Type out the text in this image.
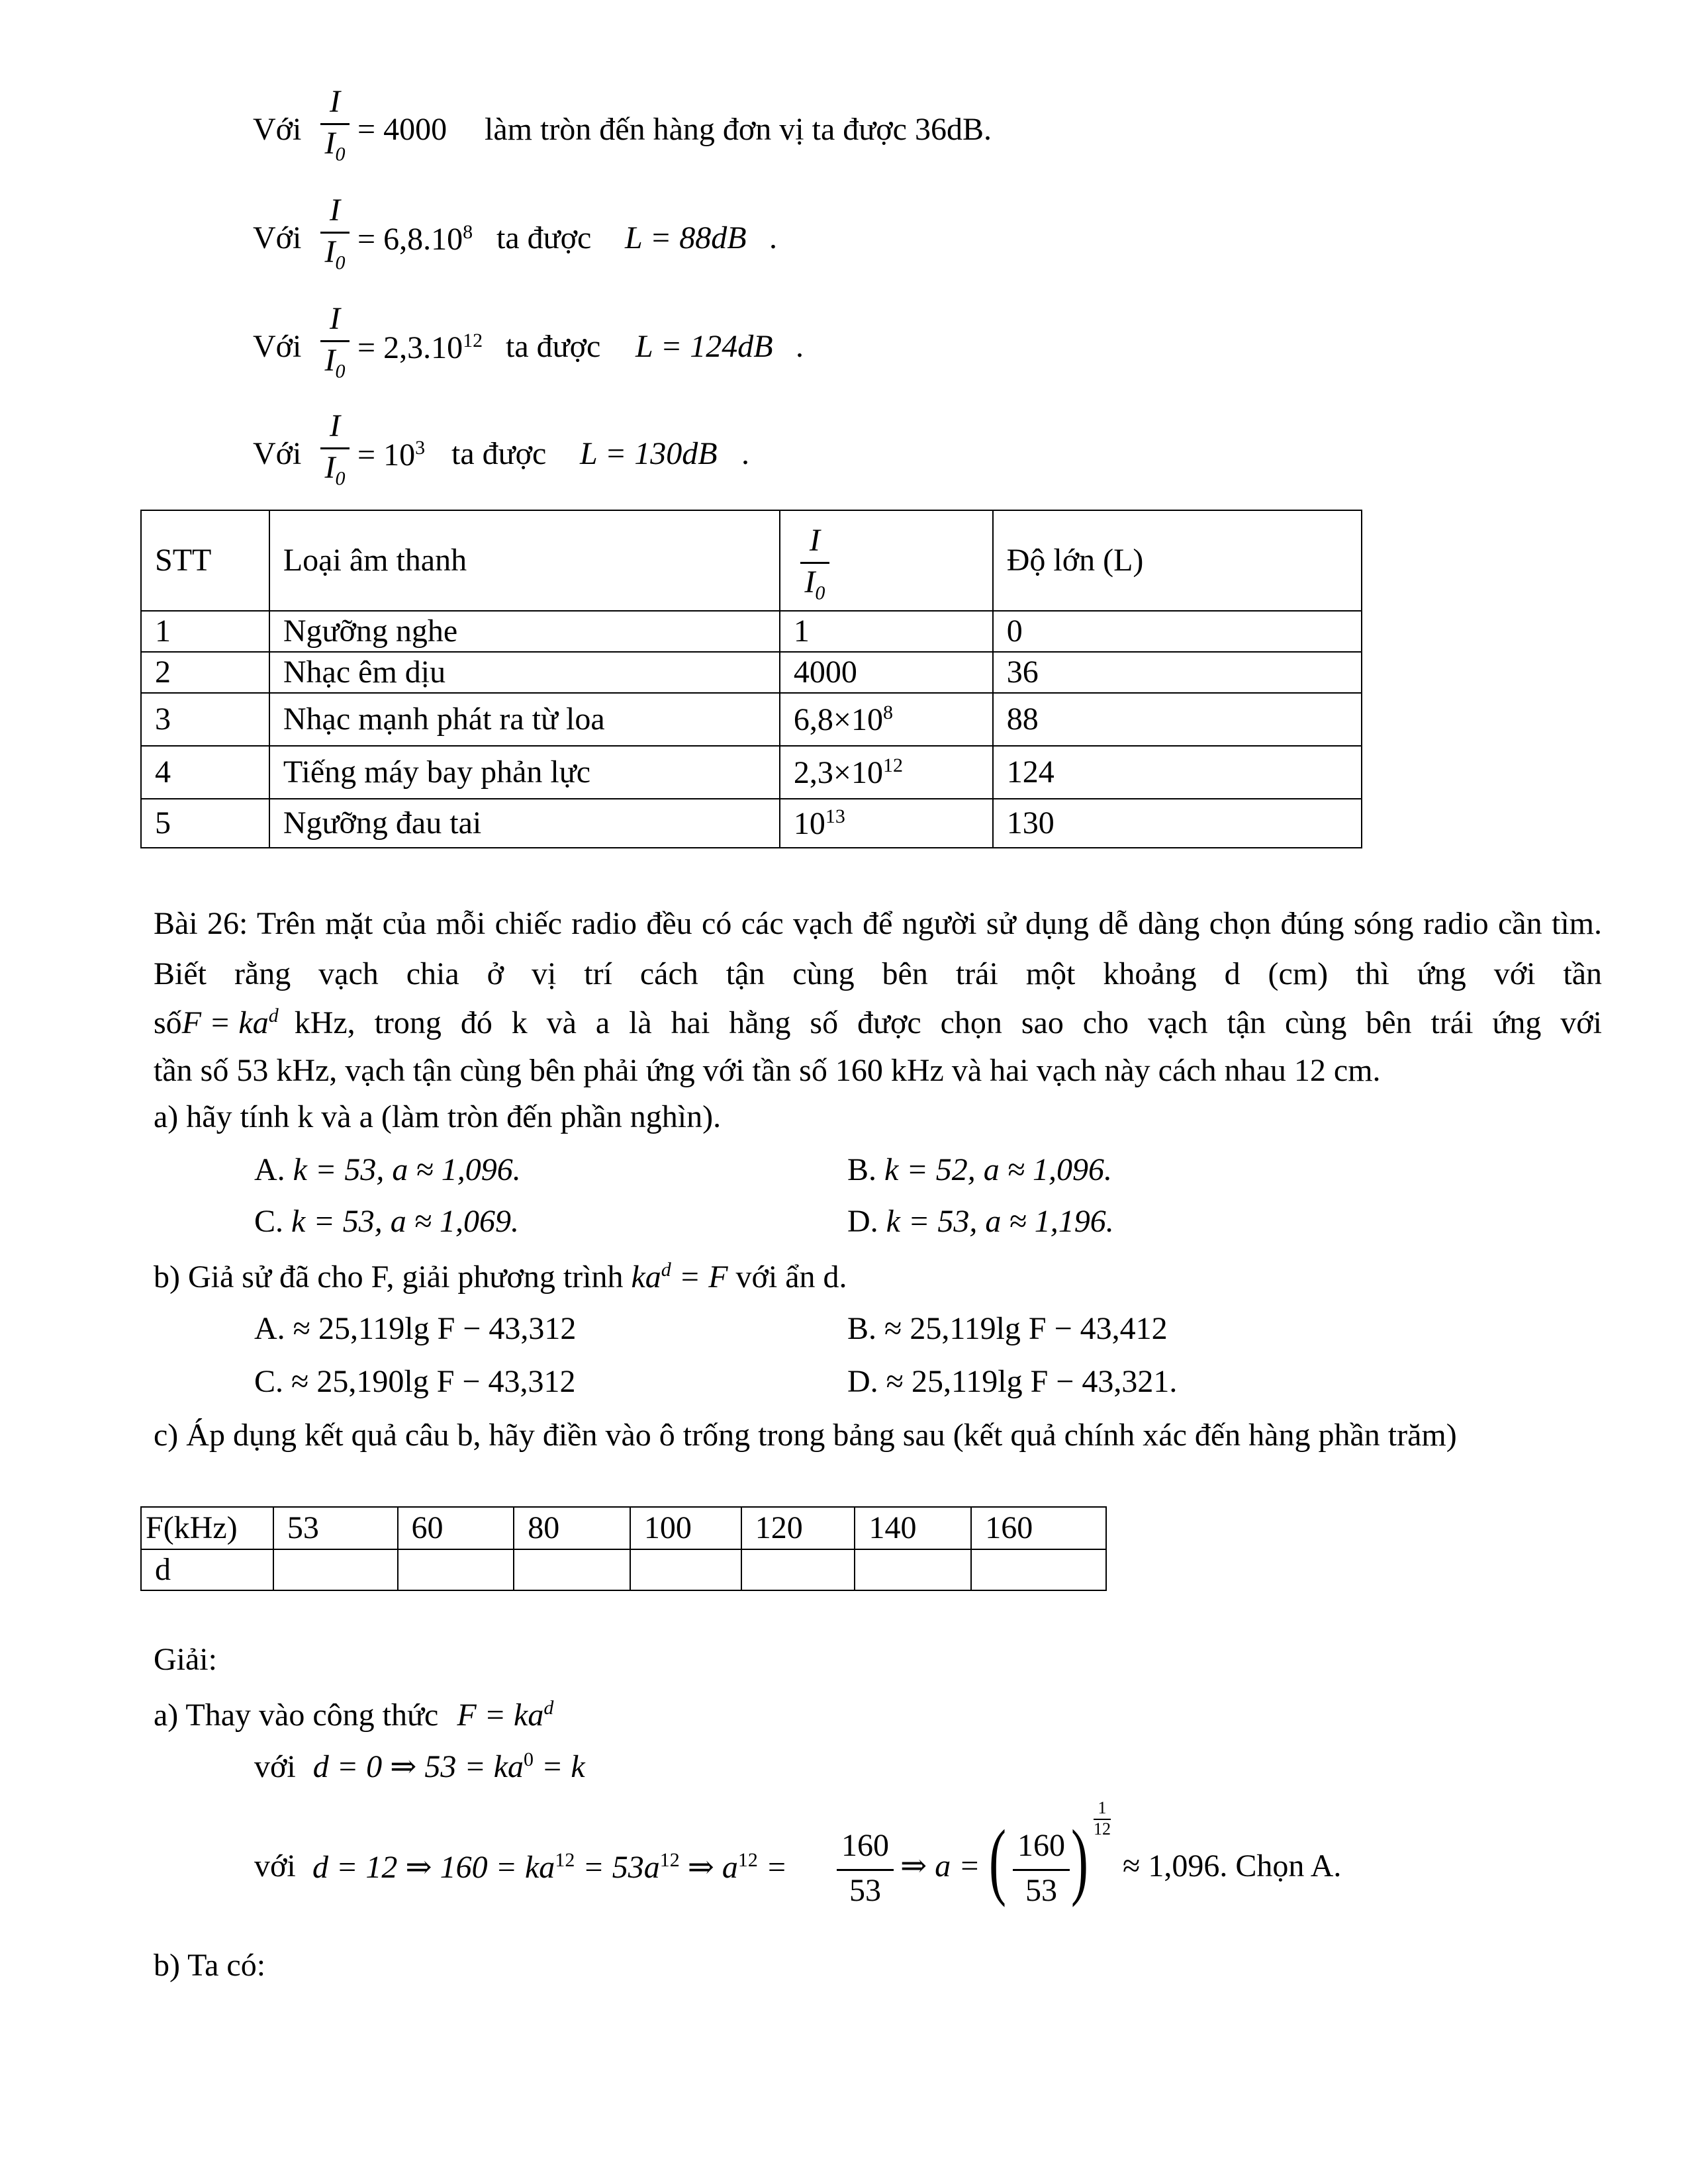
Với
I
$I_0$
= 4000 làm tròn đến hàng đơn vị ta được 36dB.
Với
I
$I_0$
= $6,8.10^8$ ta được L = 88dB .
Với
I
$I_0$
= $2,3.10^{12}$ ta được L = 124dB .
Với
I
$I_0$
= $10^3$ ta được L = 130dB .
STT	Loại âm thanh	$\frac{I}{I_0}$	Độ lớn (L)
1	Ngưỡng nghe	1	0
2	Nhạc êm dịu	4000	36
3	Nhạc mạnh phát ra từ loa	$6,8\times 10^8$	88
4	Tiếng máy bay phản lực	$2,3\times 10^{12}$	124
5	Ngưỡng đau tai	$10^{13}$	130
Bài 26: Trên mặt của mỗi chiếc radio đều có các vạch để người sử dụng dễ dàng chọn đúng sóng radio cần tìm. Biết rằng vạch chia ở vị trí cách tận cùng bên trái một khoảng d (cm) thì ứng với tần
số $F = ka^d$ kHz, trong đó k và a là hai hằng số được chọn sao cho vạch tận cùng bên trái ứng với
tần số 53 kHz, vạch tận cùng bên phải ứng với tần số 160 kHz và hai vạch này cách nhau 12 cm.
a) hãy tính k và a (làm tròn đến phần nghìn).
A. k = 53, a ≈ 1,096.	B. k = 52, a ≈ 1,096.
C. k = 53, a ≈ 1,069.	D. k = 53, a ≈ 1,196.
b) Giả sử đã cho F, giải phương trình $ka^d = F$ với ẩn d.
A. ≈ 25,119lg F − 43,312	B. ≈ 25,119lg F − 43,412
C. ≈ 25,190lg F − 43,312	D. ≈ 25,119lg F − 43,321.
c) Áp dụng kết quả câu b, hãy điền vào ô trống trong bảng sau (kết quả chính xác đến hàng phần trăm)
F(kHz)	53	60	80	100	120	140	160
d							
Giải:
a) Thay vào công thức $F = ka^d$
với d = 0 ⇒ $53 = ka^0 = k$
với d = 12 ⇒ $160 = ka^{12} = 53a^{12}$ ⇒ $a^{12}$ =
160
53
⇒ a = ( 160
53 )
1
12
≈ 1,096. Chọn A.
b) Ta có:
